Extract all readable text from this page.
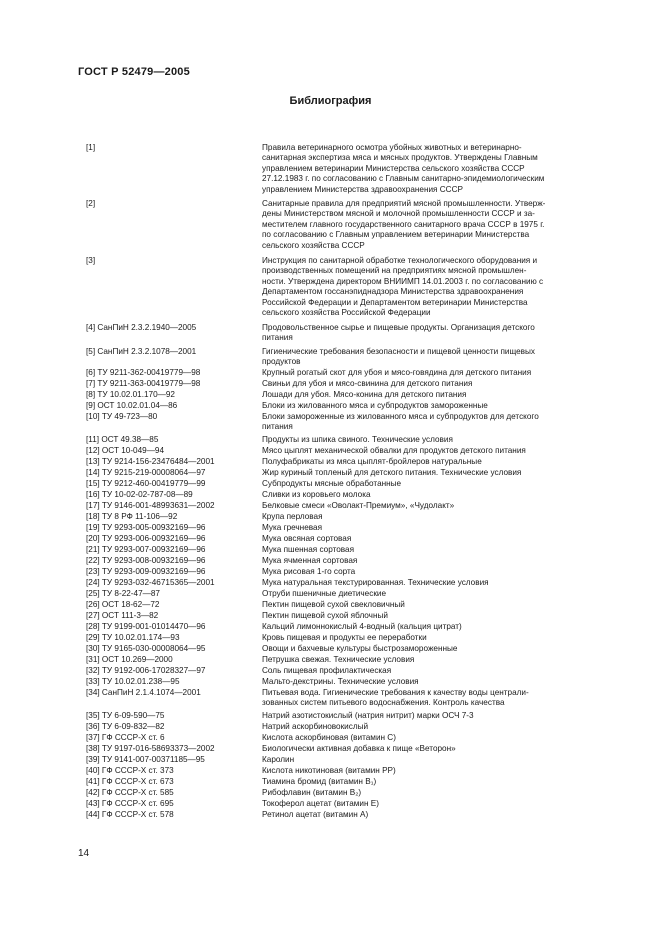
ГОСТ Р 52479—2005
Библиография
[1]	Правила ветеринарного осмотра убойных животных и ветеринарно-
санитарная экспертиза мяса и мясных продуктов. Утверждены Главным
управлением ветеринарии Министерства сельского хозяйства СССР
27.12.1983 г. по согласованию с Главным санитарно-эпидемиологическим
управлением Министерства здравоохранения СССР
[2]	Санитарные правила для предприятий мясной промышленности. Утверж-
дены Министерством мясной и молочной промышленности СССР и за-
местителем главного государственного санитарного врача СССР в 1975 г.
по согласованию с Главным управлением ветеринарии Министерства
сельского хозяйства СССР
[3]	Инструкция по санитарной обработке технологического оборудования и
производственных помещений на предприятиях мясной промышлен-
ности. Утверждена директором ВНИИМП 14.01.2003 г. по согласованию с
Департаментом госсанэпиднадзора Министерства здравоохранения
Российской Федерации и Департаментом ветеринарии Министерства
сельского хозяйства Российской Федерации
[4] СанПиН 2.3.2.1940—2005	Продовольственное сырье и пищевые продукты. Организация детского
питания
[5] СанПиН 2.3.2.1078—2001	Гигиенические требования безопасности и пищевой ценности пищевых
продуктов
[6] ТУ 9211-362-00419779—98	Крупный рогатый скот для убоя и мясо-говядина для детского питания
[7] ТУ 9211-363-00419779—98	Свиньи для убоя и мясо-свинина для детского питания
[8] ТУ 10.02.01.170—92	Лошади для убоя. Мясо-конина для детского питания
[9] ОСТ 10.02.01.04—86	Блоки из жилованного мяса и субпродуктов замороженные
[10] ТУ 49-723—80	Блоки замороженные из жилованного мяса и субпродуктов для детского
питания
[11] ОСТ 49.38—85	Продукты из шпика свиного. Технические условия
[12] ОСТ 10-049—94	Мясо цыплят механической обвалки для продуктов детского питания
[13] ТУ 9214-156-23476484—2001	Полуфабрикаты из мяса цыплят-бройлеров натуральные
[14] ТУ 9215-219-00008064—97	Жир куриный топленый для детского питания. Технические условия
[15] ТУ 9212-460-00419779—99	Субпродукты мясные обработанные
[16] ТУ 10-02-02-787-08—89	Сливки из коровьего молока
[17] ТУ 9146-001-48993631—2002	Белковые смеси «Оволакт-Премиум», «Чудолакт»
[18] ТУ 8 РФ 11-106—92	Крупа перловая
[19] ТУ 9293-005-00932169—96	Мука гречневая
[20] ТУ 9293-006-00932169—96	Мука овсяная сортовая
[21] ТУ 9293-007-00932169—96	Мука пшенная сортовая
[22] ТУ 9293-008-00932169—96	Мука ячменная сортовая
[23] ТУ 9293-009-00932169—96	Мука рисовая 1-го сорта
[24] ТУ 9293-032-46715365—2001	Мука натуральная текстурированная. Технические условия
[25] ТУ 8-22-47—87	Отруби пшеничные диетические
[26] ОСТ 18-62—72	Пектин пищевой сухой свекловичный
[27] ОСТ 111-3—82	Пектин пищевой сухой яблочный
[28] ТУ 9199-001-01014470—96	Кальций лимоннокислый 4-водный (кальция цитрат)
[29] ТУ 10.02.01.174—93	Кровь пищевая и продукты ее переработки
[30] ТУ 9165-030-00008064—95	Овощи и бахчевые культуры быстрозамороженные
[31] ОСТ 10.269—2000	Петрушка свежая. Технические условия
[32] ТУ 9192-006-17028327—97	Соль пищевая профилактическая
[33] ТУ 10.02.01.238—95	Мальто-декстрины. Технические условия
[34] СанПиН 2.1.4.1074—2001	Питьевая вода. Гигиенические требования к качеству воды централи-
зованных систем питьевого водоснабжения. Контроль качества
[35] ТУ 6-09-590—75	Натрий азотистокислый (натрия нитрит) марки ОСЧ 7-3
[36] ТУ 6-09-832—82	Натрий аскорбиновокислый
[37] ГФ СССР-Х ст. 6	Кислота аскорбиновая (витамин С)
[38] ТУ 9197-016-58693373—2002	Биологически активная добавка к пище «Веторон»
[39] ТУ 9141-007-00371185—95	Каролин
[40] ГФ СССР-Х ст. 373	Кислота никотиновая (витамин РР)
[41] ГФ СССР-Х ст. 673	Тиамина бромид (витамин В₁)
[42] ГФ СССР-Х ст. 585	Рибофлавин (витамин В₂)
[43] ГФ СССР-Х ст. 695	Токоферол ацетат (витамин Е)
[44] ГФ СССР-Х ст. 578	Ретинол ацетат (витамин А)
14
